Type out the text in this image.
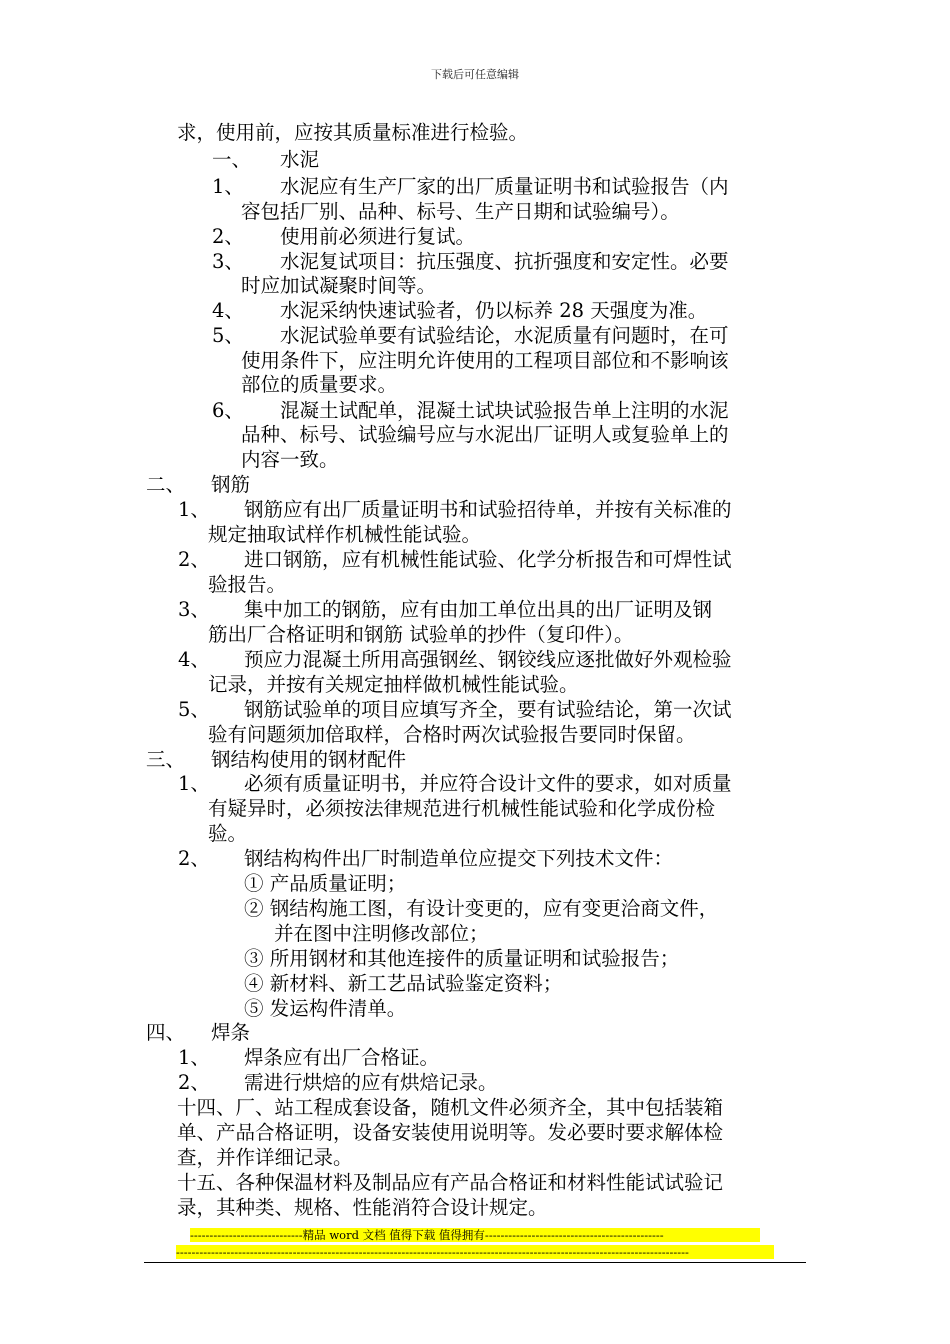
下载后可任意编辑
求，使用前，应按其质量标准进行检验。
一、 水泥
1、 水泥应有生产厂家的出厂质量证明书和试验报告（内
容包括厂别、品种、标号、生产日期和试验编号）。
2、 使用前必须进行复试。
3、 水泥复试项目：抗压强度、抗折强度和安定性。必要
时应加试凝聚时间等。
4、 水泥采纳快速试验者，仍以标养 28 天强度为准。
5、 水泥试验单要有试验结论，水泥质量有问题时，在可
使用条件下，应注明允许使用的工程项目部位和不影响该
部位的质量要求。
6、 混凝土试配单，混凝土试块试验报告单上注明的水泥
品种、标号、试验编号应与水泥出厂证明人或复验单上的
内容一致。
二、 钢筋
1、 钢筋应有出厂质量证明书和试验招待单，并按有关标准的
规定抽取试样作机械性能试验。
2、 进口钢筋，应有机械性能试验、化学分析报告和可焊性试
验报告。
3、 集中加工的钢筋，应有由加工单位出具的出厂证明及钢
筋出厂合格证明和钢筋 试验单的抄件（复印件）。
4、 预应力混凝土所用高强钢丝、钢铰线应逐批做好外观检验
记录，并按有关规定抽样做机械性能试验。
5、 钢筋试验单的项目应填写齐全，要有试验结论，第一次试
验有问题须加倍取样，合格时两次试验报告要同时保留。
三、 钢结构使用的钢材配件
1、 必须有质量证明书，并应符合设计文件的要求，如对质量
有疑异时，必须按法律规范进行机械性能试验和化学成份检
验。
2、 钢结构构件出厂时制造单位应提交下列技术文件：
① 产品质量证明；
② 钢结构施工图，有设计变更的，应有变更洽商文件，
并在图中注明修改部位；
③ 所用钢材和其他连接件的质量证明和试验报告；
④ 新材料、新工艺品试验鉴定资料；
⑤ 发运构件清单。
四、 焊条
1、 焊条应有出厂合格证。
2、 需进行烘焙的应有烘焙记录。
十四、厂、站工程成套设备，随机文件必须齐全，其中包括装箱
单、产品合格证明，设备安装使用说明等。发必要时要求解体检
查，并作详细记录。
十五、各种保温材料及制品应有产品合格证和材料性能试试验记
录，其种类、规格、性能消符合设计规定。
-----------------------------精品 word 文档 值得下载 值得拥有----------------------------------------------
------------------------------------------------------------------------------------------------------------------------------------
